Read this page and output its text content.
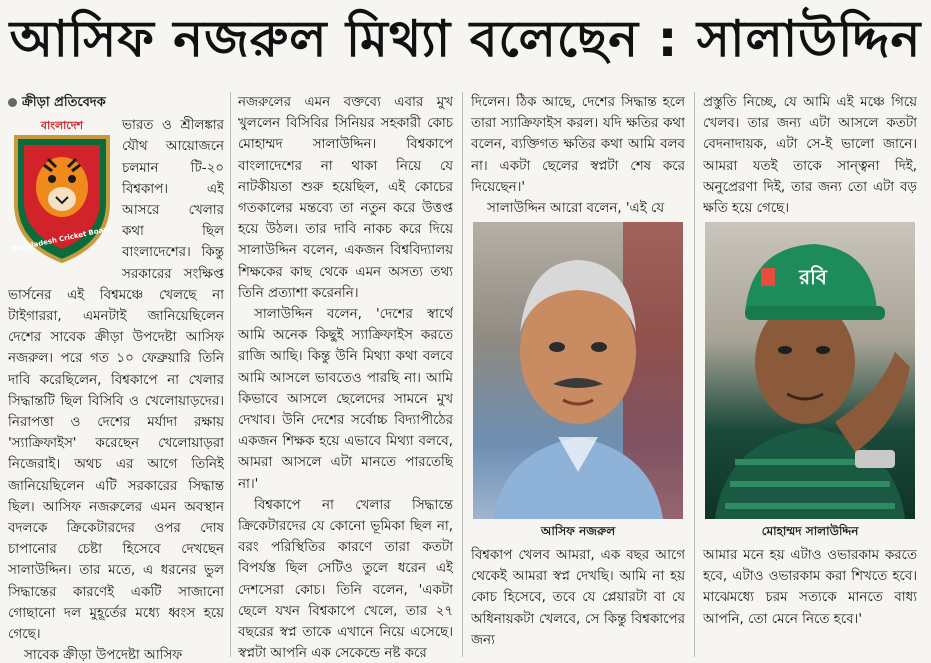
আসিফ নজরুল মিথ্যা বলেছেন : সালাউদ্দিন
ক্রীড়া প্রতিবেদক
বাংলাদেশ
Bangladesh Cricket Board

ভারত ও শ্রীলঙ্কার যৌথ আয়োজনে চলমান টি-২০ বিশ্বকাপ। এই আসরে খেলার কথা ছিল বাংলাদেশের। কিন্তু সরকারের সংক্ষিপ্ত ভার্সনের এই বিশ্বমঞ্চে খেলছে না টাইগাররা, এমনটাই জানিয়েছিলেন দেশের সাবেক ক্রীড়া উপদেষ্টা আসিফ নজরুল। পরে গত ১০ ফেব্রুয়ারি তিনি দাবি করেছিলেন, বিশ্বকাপে না খেলার সিদ্ধান্তটি ছিল বিসিবি ও খেলোয়াড়দের। নিরাপত্তা ও দেশের মর্যাদা রক্ষায় 'স্যাক্রিফাইস' করেছেন খেলোয়াড়রা নিজেরাই। অথচ এর আগে তিনিই জানিয়েছিলেন এটি সরকারের সিদ্ধান্ত ছিল। আসিফ নজরুলের এমন অবস্থান বদলকে ক্রিকেটারদের ওপর দোষ চাপানোর চেষ্টা হিসেবে দেখছেন সালাউদ্দিন। তার মতে, এ ধরনের ভুল সিদ্ধান্তের কারণেই একটি সাজানো গোছানো দল মুহূর্তের মধ্যে ধ্বংস হয়ে গেছে।

সাবেক ক্রীড়া উপদেষ্টা আসিফ

নজরুলের এমন বক্তব্যে এবার মুখ খুললেন বিসিবির সিনিয়র সহকারী কোচ মোহাম্মদ সালাউদ্দিন। বিশ্বকাপে বাংলাদেশের না থাকা নিয়ে যে নাটকীয়তা শুরু হয়েছিল, এই কোচের গতকালের মন্তব্যে তা নতুন করে উত্তপ্ত হয়ে উঠল। তার দাবি নাকচ করে দিয়ে সালাউদ্দিন বলেন, একজন বিশ্ববিদ্যালয় শিক্ষকের কাছ থেকে এমন অসত্য তথ্য তিনি প্রত্যাশা করেননি।

সালাউদ্দিন বলেন, 'দেশের স্বার্থে আমি অনেক কিছুই স্যাক্রিফাইস করতে রাজি আছি। কিন্তু উনি মিথ্যা কথা বলবে আমি আসলে ভাবতেও পারছি না। আমি কিভাবে আসলে ছেলেদের সামনে মুখ দেখাব। উনি দেশের সর্বোচ্চ বিদ্যাপীঠের একজন শিক্ষক হয়ে এভাবে মিথ্যা বলবে, আমরা আসলে এটা মানতে পারতেছি না।'

বিশ্বকাপে না খেলার সিদ্ধান্তে ক্রিকেটারদের যে কোনো ভূমিকা ছিল না, বরং পরিস্থিতির কারণে তারা কতটা বিপর্যস্ত ছিল সেটিও তুলে ধরেন এই দেশসেরা কোচ। তিনি বলেন, 'একটা ছেলে যখন বিশ্বকাপে খেলে, তার ২৭ বছরের স্বপ্ন তাকে এখানে নিয়ে এসেছে। স্বপ্নটা আপনি এক সেকেন্ডে নষ্ট করে

দিলেন। ঠিক আছে, দেশের সিদ্ধান্ত হলে তারা স্যাক্রিফাইস করল। যদি ক্ষতির কথা বলেন, ব্যক্তিগত ক্ষতির কথা আমি বলব না। একটা ছেলের স্বপ্নটা শেষ করে দিয়েছেন।'

সালাউদ্দিন আরো বলেন, 'এই যে

প্রস্তুতি নিচ্ছে, যে আমি এই মঞ্চে গিয়ে খেলব। তার জন্য এটা আসলে কতটা বেদনাদায়ক, এটা সে-ই ভালো জানে। আমরা যতই তাকে সান্ত্বনা দিই, অনুপ্রেরণা দিই, তার জন্য তো এটা বড় ক্ষতি হয়ে গেছে।

আসিফ নজরুল
রবি
মোহাম্মদ সালাউদ্দিন

বিশ্বকাপ খেলব আমরা, এক বছর আগে থেকেই আমরা স্বপ্ন দেখছি। আমি না হয় কোচ হিসেবে, তবে যে প্লেয়ারটা বা যে অধিনায়কটা খেলবে, সে কিন্তু বিশ্বকাপের জন্য

আমার মনে হয় এটাও ওভারকাম করতে হবে, এটাও ওভারকাম করা শিখতে হবে। মাঝেমধ্যে চরম সত্যকে মানতে বাধ্য আপনি, তো মেনে নিতে হবে।'
